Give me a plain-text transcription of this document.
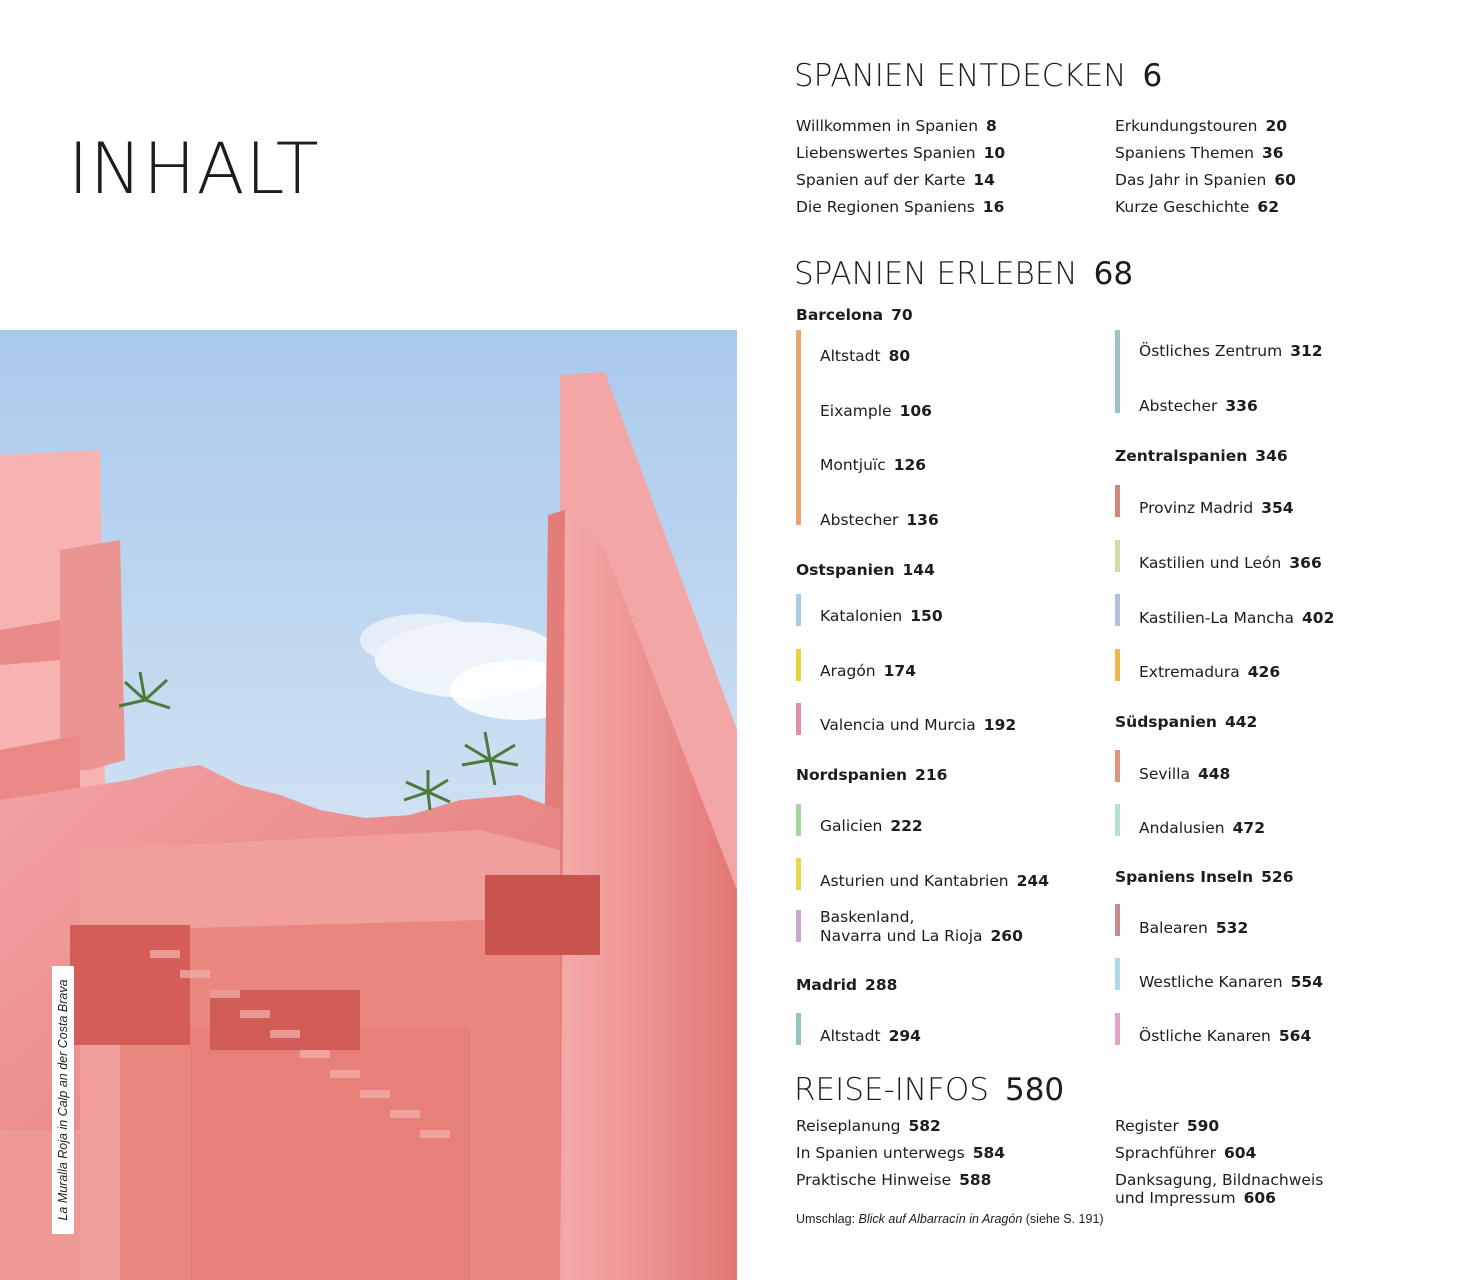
INHALT
La Muralla Roja in Calp an der Costa Brava
SPANIEN ENTDECKEN 6
Willkommen in Spanien 8
Liebenswertes Spanien 10
Spanien auf der Karte 14
Die Regionen Spaniens 16
Erkundungstouren 20
Spaniens Themen 36
Das Jahr in Spanien 60
Kurze Geschichte 62
SPANIEN ERLEBEN 68
Barcelona 70
Altstadt 80
Eixample 106
Montjuïc 126
Abstecher 136
Ostspanien 144
Katalonien 150
Aragón 174
Valencia und Murcia 192
Nordspanien 216
Galicien 222
Asturien und Kantabrien 244
Baskenland,
Navarra und La Rioja 260
Madrid 288
Altstadt 294
Östliches Zentrum 312
Abstecher 336
Zentralspanien 346
Provinz Madrid 354
Kastilien und León 366
Kastilien-La Mancha 402
Extremadura 426
Südspanien 442
Sevilla 448
Andalusien 472
Spaniens Inseln 526
Balearen 532
Westliche Kanaren 554
Östliche Kanaren 564
REISE-INFOS 580
Reiseplanung 582
In Spanien unterwegs 584
Praktische Hinweise 588
Register 590
Sprachführer 604
Danksagung, Bildnachweis
und Impressum 606
Umschlag: Blick auf Albarracín in Aragón (siehe S. 191)
